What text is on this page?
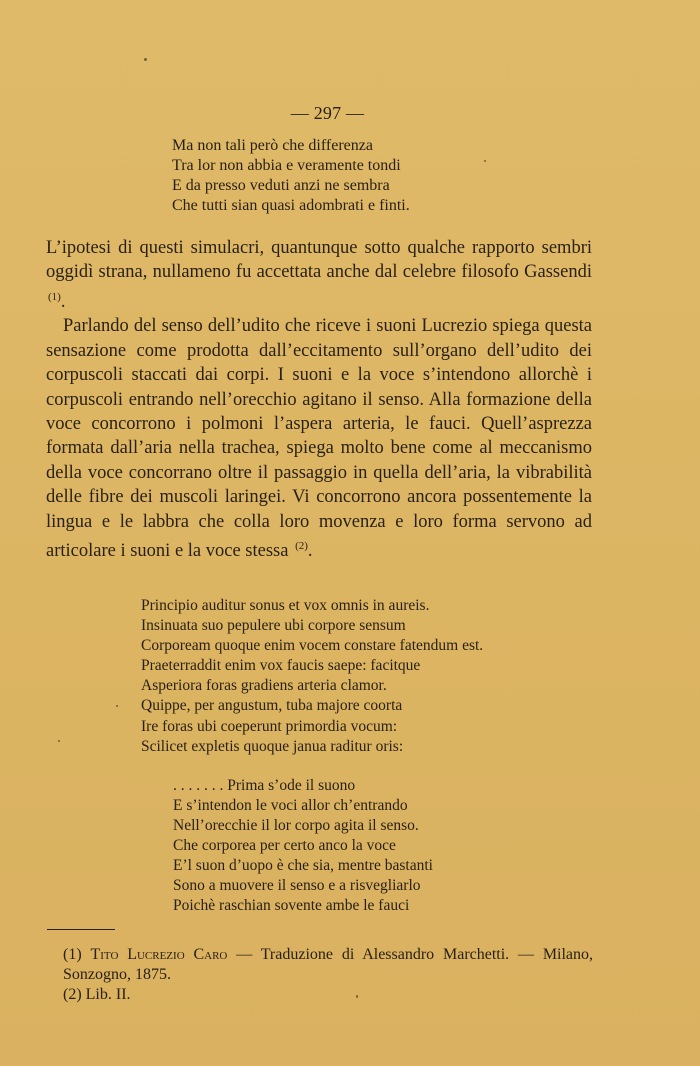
— 297 —
Ma non tali però che differenza
Tra lor non abbia e veramente tondi
E da presso veduti anzi ne sembra
Che tutti sian quasi adombrati e finti.

L’ipotesi di questi simulacri, quantunque sotto qualche rapporto sembri oggidì strana, nullameno fu accettata anche dal celebre filosofo Gassendi $^{(1)}$.

Parlando del senso dell’udito che riceve i suoni Lucrezio spiega questa sensazione come prodotta dall’eccitamento sull’organo dell’udito dei corpuscoli staccati dai corpi. I suoni e la voce s’intendono allorchè i corpuscoli entrando nell’orecchio agitano il senso. Alla formazione della voce concorrono i polmoni l’aspera arteria, le fauci. Quell’asprezza formata dall’aria nella trachea, spiega molto bene come al meccanismo della voce concorrano oltre il passaggio in quella dell’aria, la vibrabilità delle fibre dei muscoli laringei. Vi concorrono ancora possentemente la lingua e le labbra che colla loro movenza e loro forma servono ad articolare i suoni e la voce stessa $^{(2)}$.

Principio auditur sonus et vox omnis in aureis.
Insinuata suo pepulere ubi corpore sensum
Corpoream quoque enim vocem constare fatendum est.
Praeterraddit enim vox faucis saepe: facitque
Asperiora foras gradiens arteria clamor.
Quippe, per angustum, tuba majore coorta
Ire foras ubi coeperunt primordia vocum:
Scilicet expletis quoque janua raditur oris:
. . . . . . . Prima s’ode il suono
E s’intendon le voci allor ch’entrando
Nell’orecchie il lor corpo agita il senso.
Che corporea per certo anco la voce
E’l suon d’uopo è che sia, mentre bastanti
Sono a muovere il senso e a risvegliarlo
Poichè raschian sovente ambe le fauci

(1) Tito Lucrezio Caro — Traduzione di Alessandro Marchetti. — Milano, Sonzogno, 1875.

(2) Lib. II.
